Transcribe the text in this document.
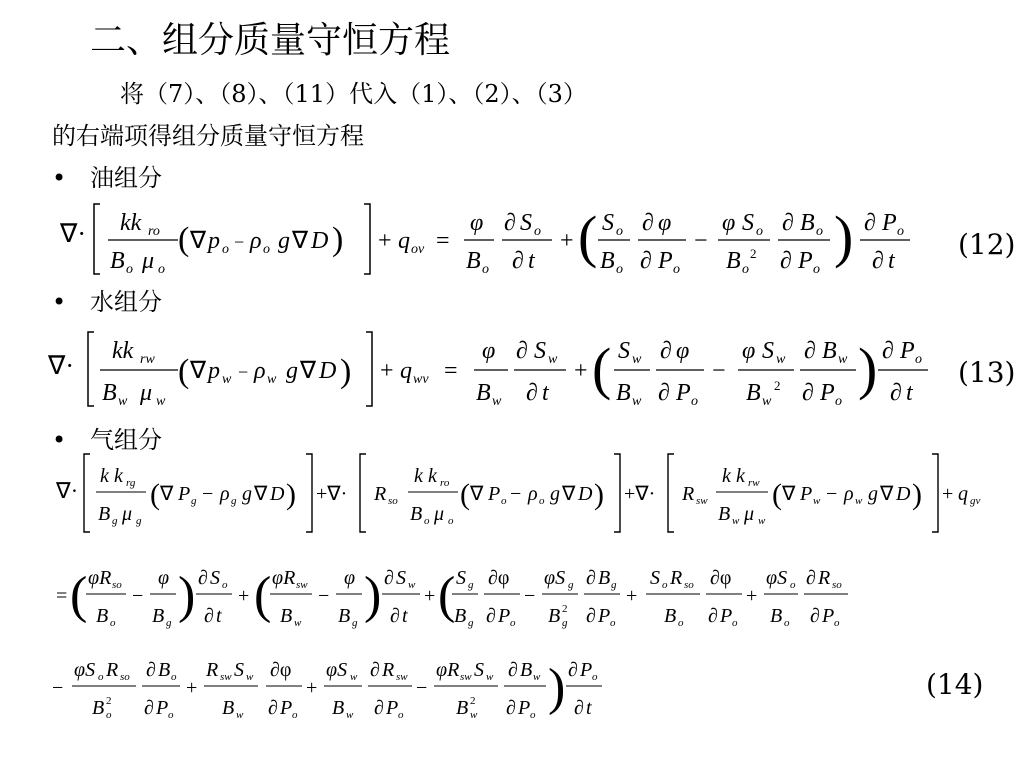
二、组分质量守恒方程
将（7）、（8）、（11）代入（1）、（2）、（3）
的右端项得组分质量守恒方程
• 油组分
∇· kk ro
B o μ o
( ∇ p o − ρ o g ∇ D ) + q ov =
φ
B o
∂ S o
∂ t
+ ( S o
B o
∂ φ
∂ P o
−
φ S o
B o
2
∂ B o
∂ P o
) ∂ P o
∂ t (12)
• 水组分
∇· kk rw
B w μ w
( ∇ p w − ρ w g ∇ D ) + q wv =
φ
B w
∂ S w
∂ t
+ ( S w
B w
∂ φ
∂ P o
−
φ S w
B w
2
∂ B w
∂ P o
) ∂ P o
∂ t
(13)
• 气组分
∇·
k k rg
B g μ g
( ∇ P g − ρ g g ∇ D ) +∇· R so
k k ro
B o μ o
( ∇ P o − ρ o g ∇ D ) +∇· R sw
k k rw
B w μ w
( ∇ P w − ρ w g ∇ D ) + q gv
= ( φR so
B o
−
φ
B g ) ∂ S o
∂ t
+ ( φR sw
B w
−
φ
B g ) ∂ S w
∂ t
+ ( S g
B g
∂φ
∂ P o
−
φS g
B g
2
∂ B g
∂ P o
+
S o R so
B o
∂φ
∂ P o
+
φS o
B o
∂ R so
∂ P o
−
φS o R so
B o
2
∂ B o
∂ P o
+
R sw S w
B w
∂φ
∂ P o
+
φS w
B w
∂ R sw
∂ P o
−
φR sw S w
B w
2
∂ B w
∂ P o ) ∂ P o
∂ t
(14)
